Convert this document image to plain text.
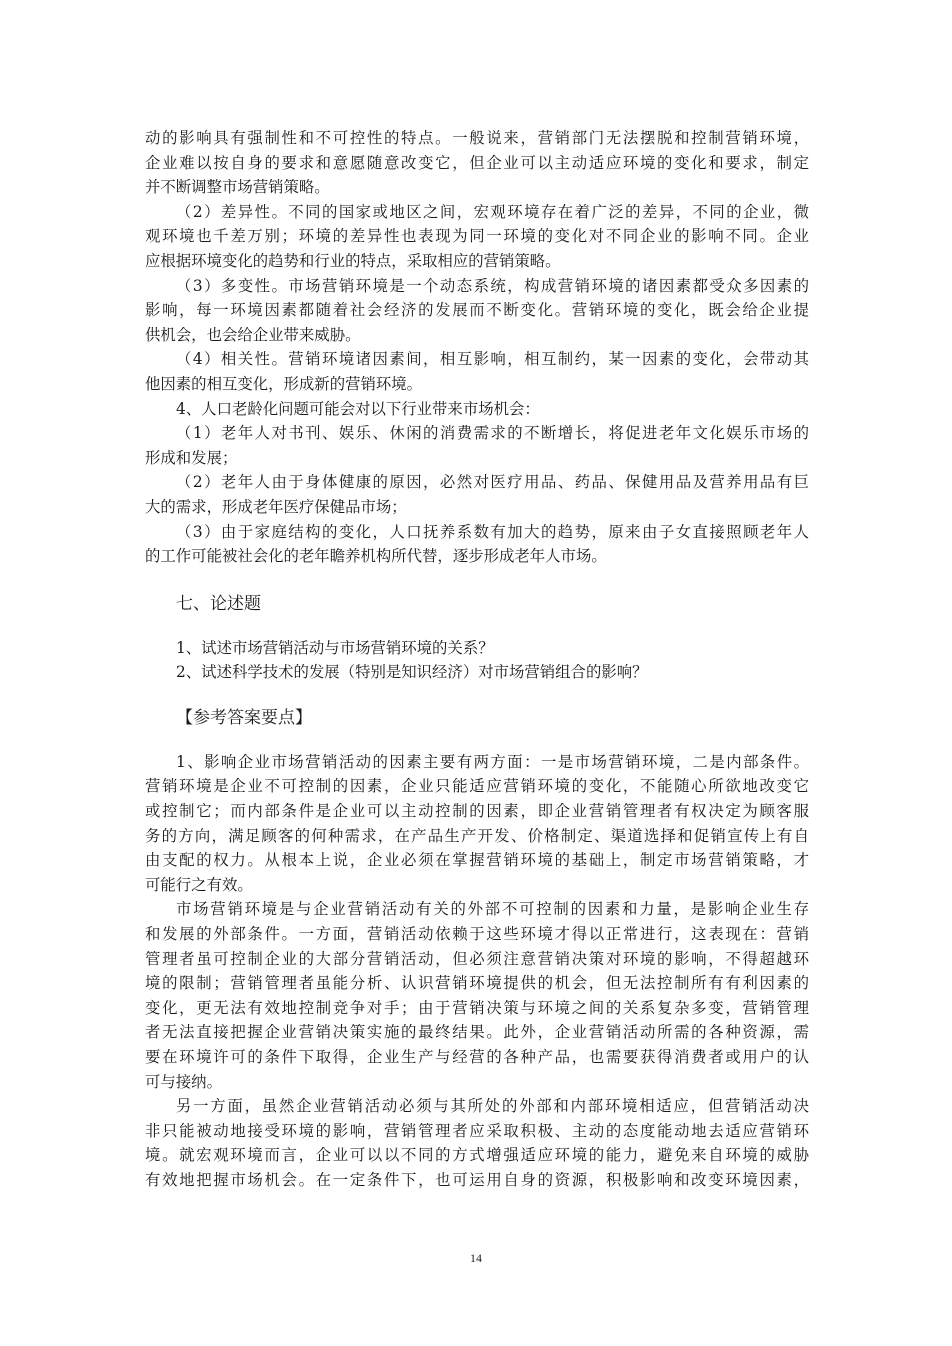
动的影响具有强制性和不可控性的特点。一般说来，营销部门无法摆脱和控制营销环境，
企业难以按自身的要求和意愿随意改变它，但企业可以主动适应环境的变化和要求，制定
并不断调整市场营销策略。
（2）差异性。不同的国家或地区之间，宏观环境存在着广泛的差异，不同的企业，微
观环境也千差万别；环境的差异性也表现为同一环境的变化对不同企业的影响不同。企业
应根据环境变化的趋势和行业的特点，采取相应的营销策略。
（3）多变性。市场营销环境是一个动态系统，构成营销环境的诸因素都受众多因素的
影响，每一环境因素都随着社会经济的发展而不断变化。营销环境的变化，既会给企业提
供机会，也会给企业带来威胁。
（4）相关性。营销环境诸因素间，相互影响，相互制约，某一因素的变化，会带动其
他因素的相互变化，形成新的营销环境。
4、人口老龄化问题可能会对以下行业带来市场机会：
（1）老年人对书刊、娱乐、休闲的消费需求的不断增长，将促进老年文化娱乐市场的
形成和发展；
（2）老年人由于身体健康的原因，必然对医疗用品、药品、保健用品及营养用品有巨
大的需求，形成老年医疗保健品市场；
（3）由于家庭结构的变化，人口抚养系数有加大的趋势，原来由子女直接照顾老年人
的工作可能被社会化的老年瞻养机构所代替，逐步形成老年人市场。
七、论述题
1、试述市场营销活动与市场营销环境的关系？
2、试述科学技术的发展（特别是知识经济）对市场营销组合的影响？
【参考答案要点】
1、影响企业市场营销活动的因素主要有两方面：一是市场营销环境，二是内部条件。
营销环境是企业不可控制的因素，企业只能适应营销环境的变化，不能随心所欲地改变它
或控制它；而内部条件是企业可以主动控制的因素，即企业营销管理者有权决定为顾客服
务的方向，满足顾客的何种需求，在产品生产开发、价格制定、渠道选择和促销宣传上有自
由支配的权力。从根本上说，企业必须在掌握营销环境的基础上，制定市场营销策略，才
可能行之有效。
市场营销环境是与企业营销活动有关的外部不可控制的因素和力量，是影响企业生存
和发展的外部条件。一方面，营销活动依赖于这些环境才得以正常进行，这表现在：营销
管理者虽可控制企业的大部分营销活动，但必须注意营销决策对环境的影响，不得超越环
境的限制；营销管理者虽能分析、认识营销环境提供的机会，但无法控制所有有利因素的
变化，更无法有效地控制竞争对手；由于营销决策与环境之间的关系复杂多变，营销管理
者无法直接把握企业营销决策实施的最终结果。此外，企业营销活动所需的各种资源，需
要在环境许可的条件下取得，企业生产与经营的各种产品，也需要获得消费者或用户的认
可与接纳。
另一方面，虽然企业营销活动必须与其所处的外部和内部环境相适应，但营销活动决
非只能被动地接受环境的影响，营销管理者应采取积极、主动的态度能动地去适应营销环
境。就宏观环境而言，企业可以以不同的方式增强适应环境的能力，避免来自环境的威胁
有效地把握市场机会。在一定条件下，也可运用自身的资源，积极影响和改变环境因素，
14
